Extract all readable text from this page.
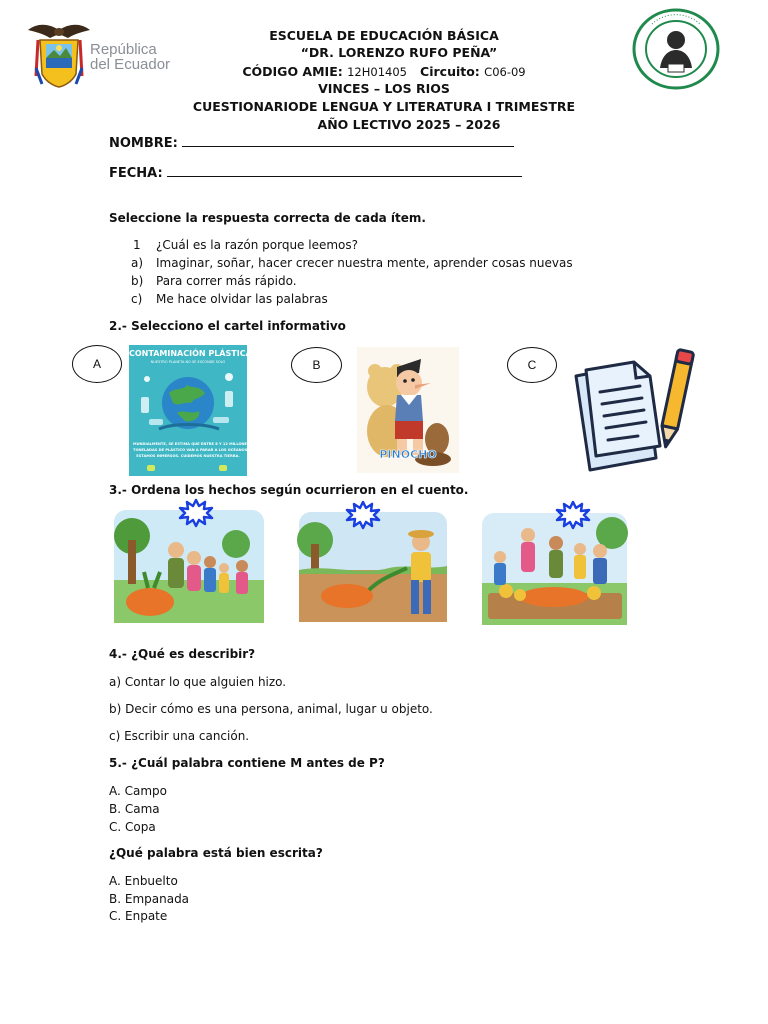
República
del Ecuador
ESCUELA DE EDUCACIÓN BÁSICA
“DR. LORENZO RUFO PEÑA”
CÓDIGO AMIE: 12H01405 Circuito: C06-09
VINCES – LOS RIOS
CUESTIONARIODE LENGUA Y LITERATURA I TRIMESTRE
AÑO LECTIVO 2025 – 2026
NOMBRE:
FECHA:
Seleccione la respuesta correcta de cada ítem.
1 ¿Cuál es la razón porque leemos?
a) Imaginar, soñar, hacer crecer nuestra mente, aprender cosas nuevas
b) Para correr más rápido.
c) Me hace olvidar las palabras
2.- Selecciono el cartel informativo
A	B	C
CONTAMINACIÓN PLÁSTICA
NUESTRO PLANETA NO SE ESCONDE SOLO
MUNDIALMENTE, SE ESTIMA QUE ENTRE 8 Y 12 MILLONES DE
TONELADAS DE PLÁSTICO VAN A PARAR A LOS OCÉANOS CADA AÑO
ESTAMOS INMERSOS. CUIDEMOS NUESTRA TIERRA.	PINOCHO
3.- Ordena los hechos según ocurrieron en el cuento.
4.- ¿Qué es describir?
a) Contar lo que alguien hizo.
b) Decir cómo es una persona, animal, lugar u objeto.
c) Escribir una canción.
5.- ¿Cuál palabra contiene M antes de P?
A. Campo
B. Cama
C. Copa
¿Qué palabra está bien escrita?
A. Enbuelto
B. Empanada
C. Enpate
